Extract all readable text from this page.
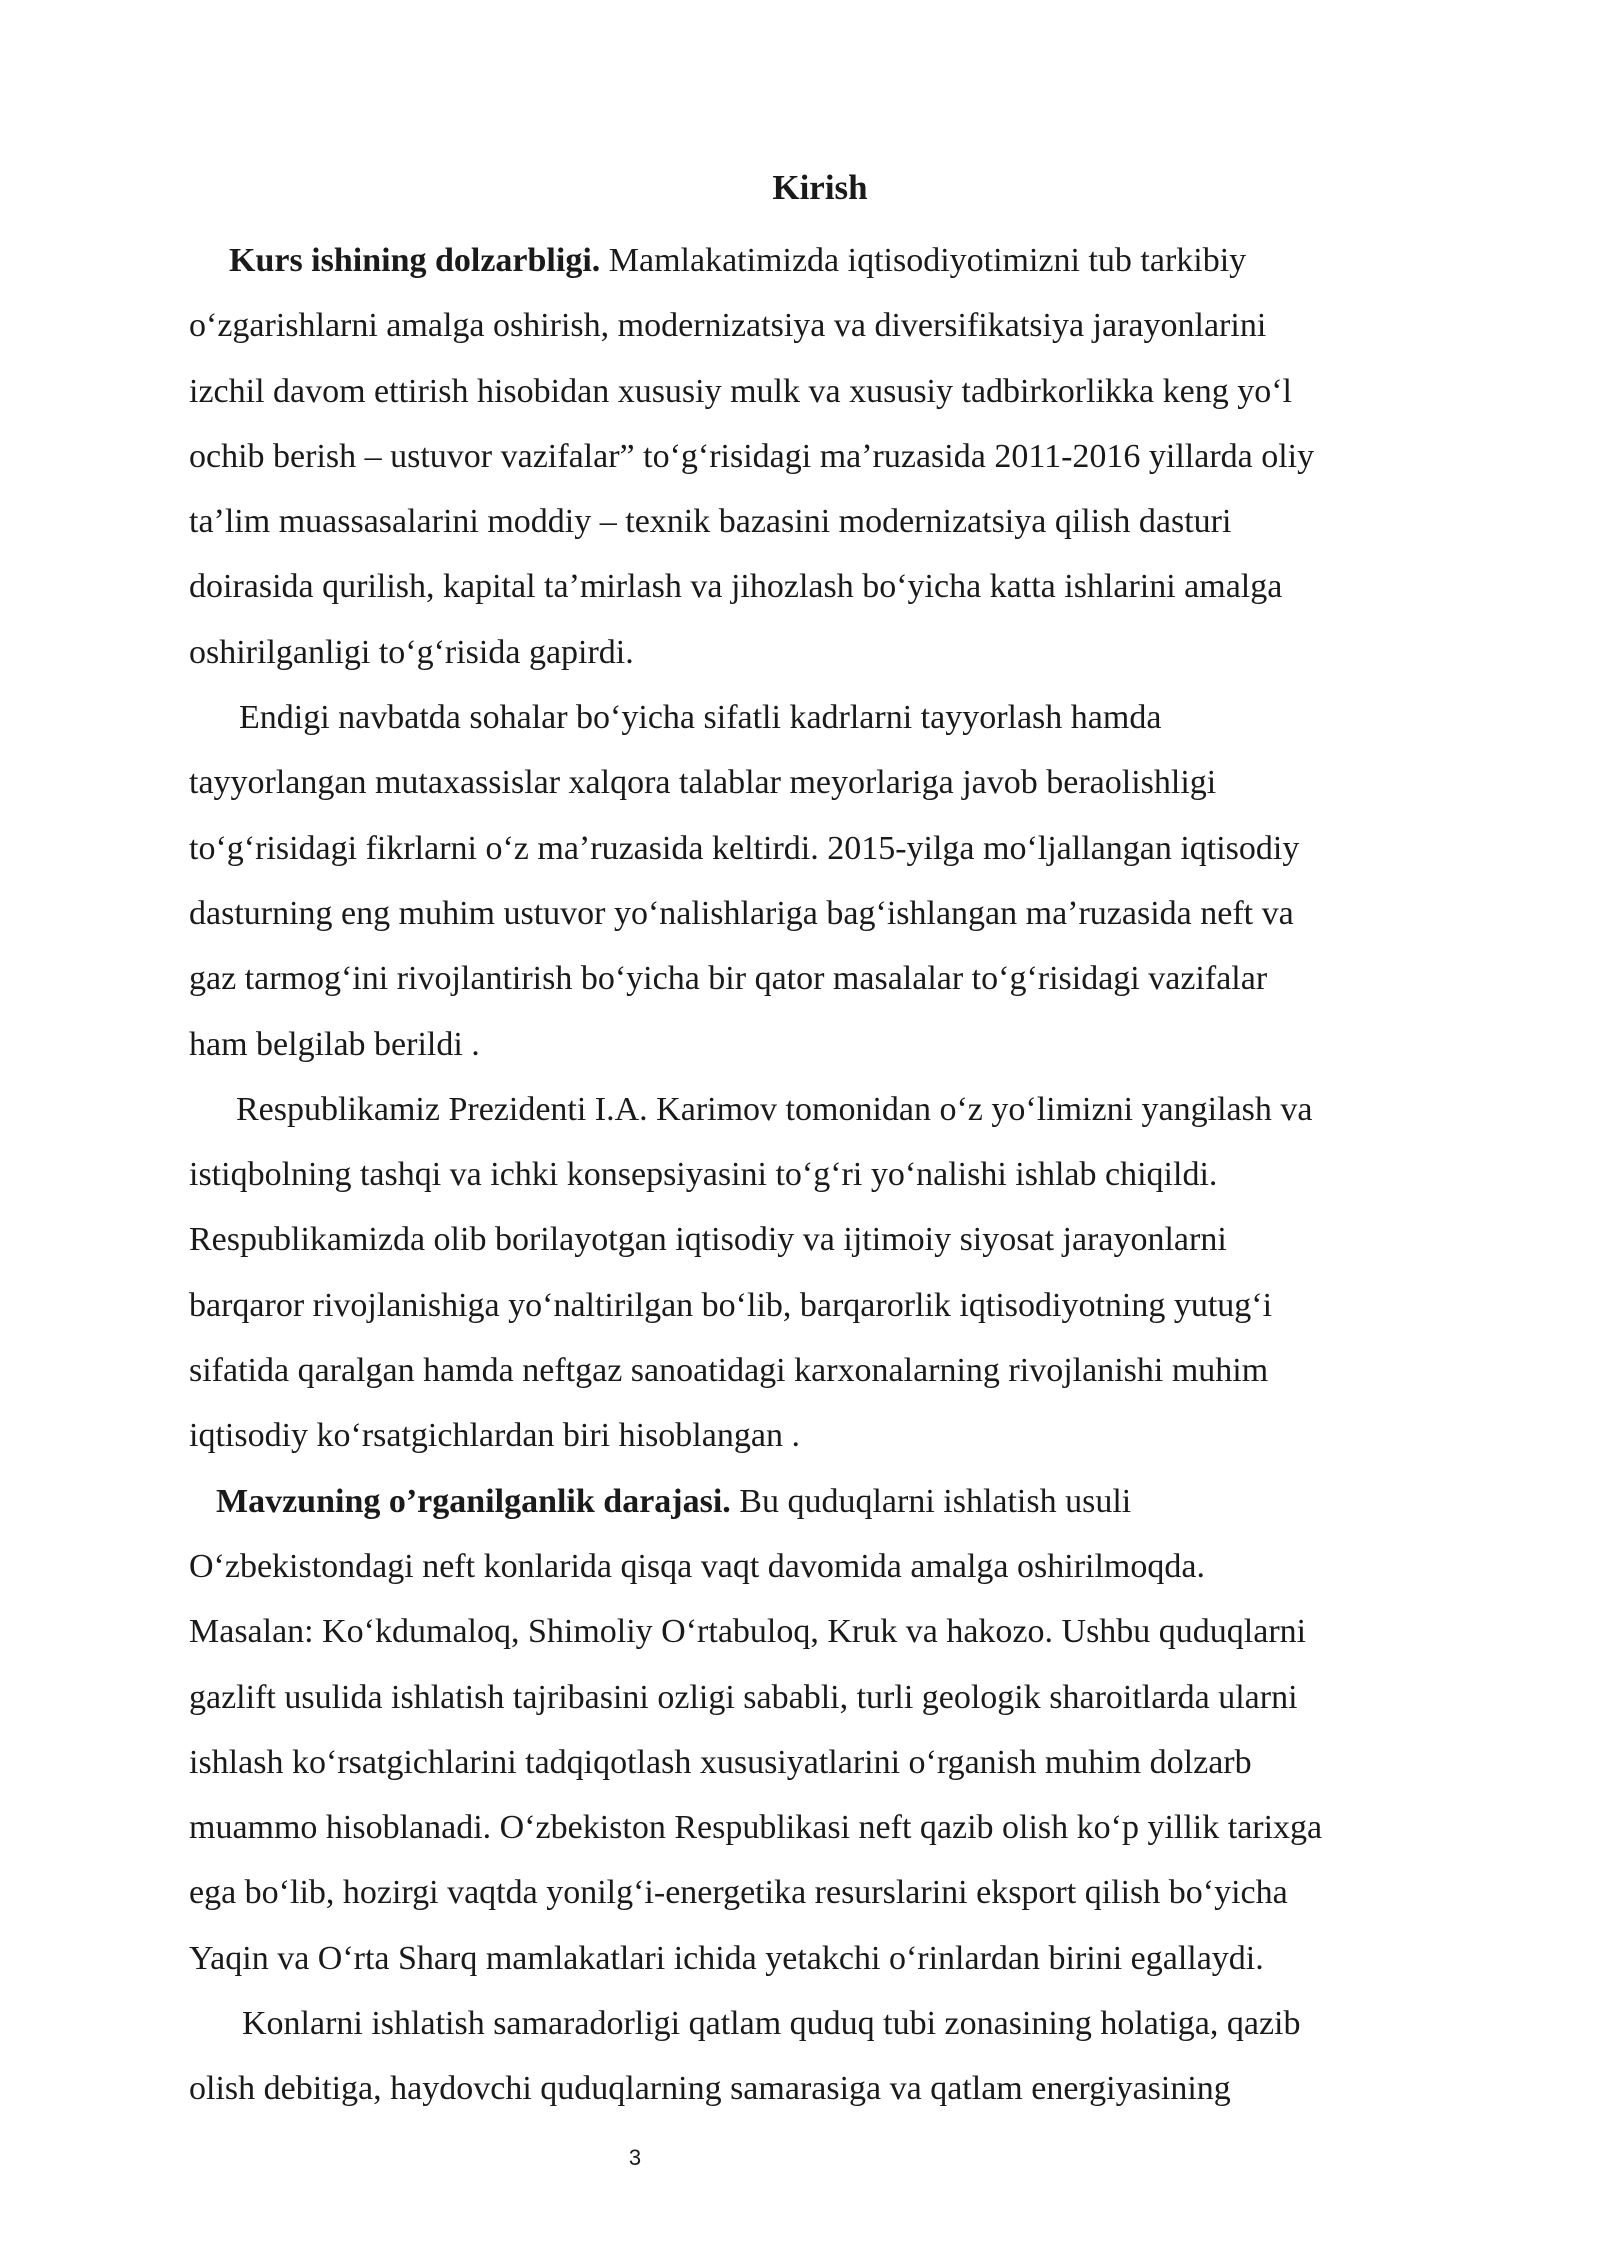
Kirish
Kurs ishining dolzarbligi. Mamlakatimizda iqtisodiyotimizni tub tarkibiy
oʻzgarishlarni amalga oshirish, modernizatsiya va diversifikatsiya jarayonlarini
izchil davom ettirish hisobidan xususiy mulk va xususiy tadbirkorlikka keng yoʻl
ochib berish – ustuvor vazifalar” toʻgʻrisidagi maʼruzasida 2011-2016 yillarda oliy
taʼlim muassasalarini moddiy – texnik bazasini modernizatsiya qilish dasturi
doirasida qurilish, kapital taʼmirlash va jihozlash boʻyicha katta ishlarini amalga
oshirilganligi toʻgʻrisida gapirdi.
Endigi navbatda sohalar boʻyicha sifatli kadrlarni tayyorlash hamda
tayyorlangan mutaxassislar xalqora talablar meyorlariga javob beraolishligi
toʻgʻrisidagi fikrlarni oʻz maʼruzasida keltirdi. 2015-yilga moʻljallangan iqtisodiy
dasturning eng muhim ustuvor yoʻnalishlariga bagʻishlangan maʼruzasida neft va
gaz tarmogʻini rivojlantirish boʻyicha bir qator masalalar toʻgʻrisidagi vazifalar
ham belgilab berildi .
Respublikamiz Prezidenti I.A. Karimov tomonidan oʻz yoʻlimizni yangilash va
istiqbolning tashqi va ichki konsepsiyasini toʻgʻri yoʻnalishi ishlab chiqildi.
Respublikamizda olib borilayotgan iqtisodiy va ijtimoiy siyosat jarayonlarni
barqaror rivojlanishiga yoʻnaltirilgan boʻlib, barqarorlik iqtisodiyotning yutugʻi
sifatida qaralgan hamda neftgaz sanoatidagi karxonalarning rivojlanishi muhim
iqtisodiy koʻrsatgichlardan biri hisoblangan .
Mavzuning o’rganilganlik darajasi. Bu quduqlarni ishlatish usuli
Oʻzbekistondagi neft konlarida qisqa vaqt davomida amalga oshirilmoqda.
Masalan: Koʻkdumaloq, Shimoliy Oʻrtabuloq, Kruk va hakozo. Ushbu quduqlarni
gazlift usulida ishlatish tajribasini ozligi sababli, turli geologik sharoitlarda ularni
ishlash koʻrsatgichlarini tadqiqotlash xususiyatlarini oʻrganish muhim dolzarb
muammo hisoblanadi. Oʻzbekiston Respublikasi neft qazib olish koʻp yillik tarixga
ega boʻlib, hozirgi vaqtda yonilgʻi-energetika resurslarini eksport qilish boʻyicha
Yaqin va Oʻrta Sharq mamlakatlari ichida yetakchi oʻrinlardan birini egallaydi.
Konlarni ishlatish samaradorligi qatlam quduq tubi zonasining holatiga, qazib
olish debitiga, haydovchi quduqlarning samarasiga va qatlam energiyasining
3
